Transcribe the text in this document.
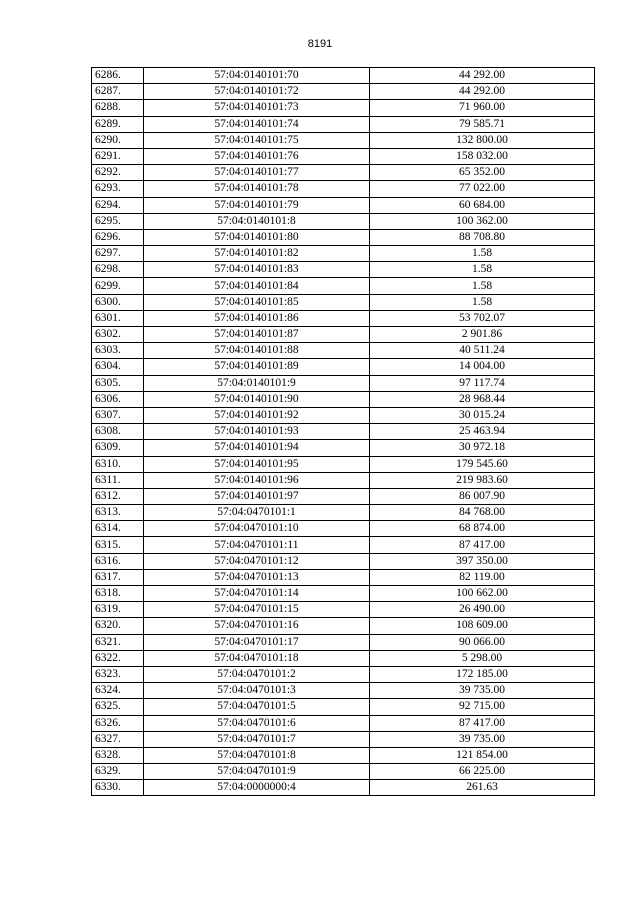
8191
6286.	57:04:0140101:70	44 292.00
6287.	57:04:0140101:72	44 292.00
6288.	57:04:0140101:73	71 960.00
6289.	57:04:0140101:74	79 585.71
6290.	57:04:0140101:75	132 800.00
6291.	57:04:0140101:76	158 032.00
6292.	57:04:0140101:77	65 352.00
6293.	57:04:0140101:78	77 022.00
6294.	57:04:0140101:79	60 684.00
6295.	57:04:0140101:8	100 362.00
6296.	57:04:0140101:80	88 708.80
6297.	57:04:0140101:82	1.58
6298.	57:04:0140101:83	1.58
6299.	57:04:0140101:84	1.58
6300.	57:04:0140101:85	1.58
6301.	57:04:0140101:86	53 702.07
6302.	57:04:0140101:87	2 901.86
6303.	57:04:0140101:88	40 511.24
6304.	57:04:0140101:89	14 004.00
6305.	57:04:0140101:9	97 117.74
6306.	57:04:0140101:90	28 968.44
6307.	57:04:0140101:92	30 015.24
6308.	57:04:0140101:93	25 463.94
6309.	57:04:0140101:94	30 972.18
6310.	57:04:0140101:95	179 545.60
6311.	57:04:0140101:96	219 983.60
6312.	57:04:0140101:97	86 007.90
6313.	57:04:0470101:1	84 768.00
6314.	57:04:0470101:10	68 874.00
6315.	57:04:0470101:11	87 417.00
6316.	57:04:0470101:12	397 350.00
6317.	57:04:0470101:13	82 119.00
6318.	57:04:0470101:14	100 662.00
6319.	57:04:0470101:15	26 490.00
6320.	57:04:0470101:16	108 609.00
6321.	57:04:0470101:17	90 066.00
6322.	57:04:0470101:18	5 298.00
6323.	57:04:0470101:2	172 185.00
6324.	57:04:0470101:3	39 735.00
6325.	57:04:0470101:5	92 715.00
6326.	57:04:0470101:6	87 417.00
6327.	57:04:0470101:7	39 735.00
6328.	57:04:0470101:8	121 854.00
6329.	57:04:0470101:9	66 225.00
6330.	57:04:0000000:4	261.63
